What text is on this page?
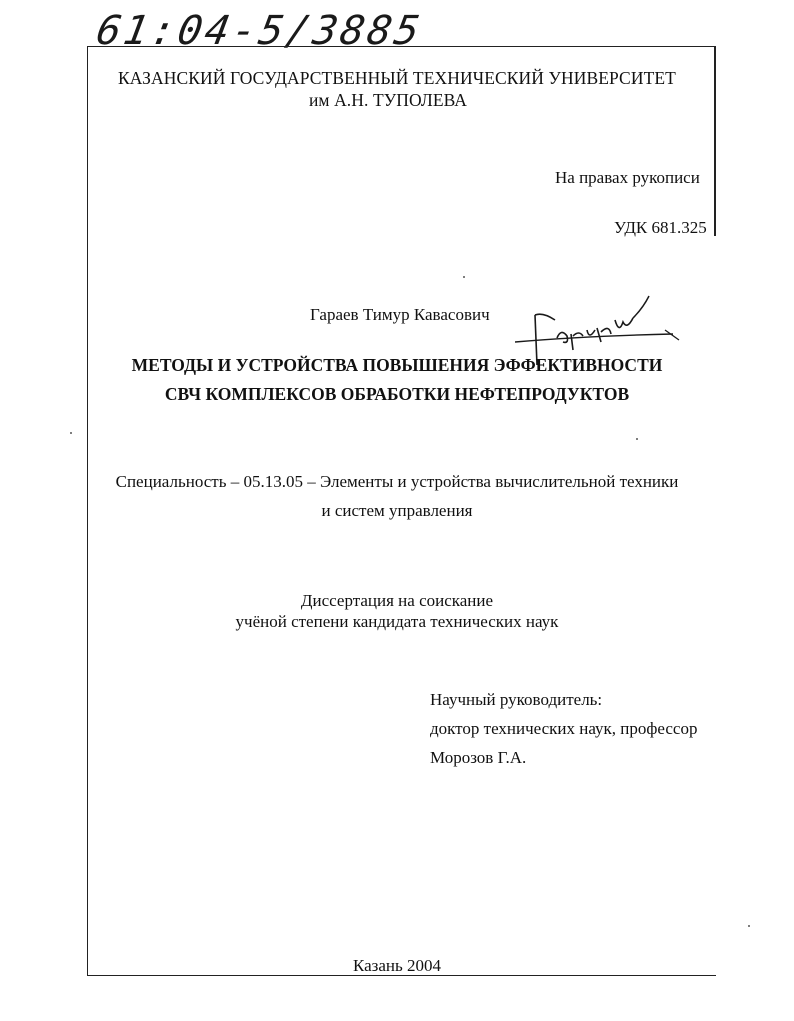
61:04-5/3885
КАЗАНСКИЙ ГОСУДАРСТВЕННЫЙ ТЕХНИЧЕСКИЙ УНИВЕРСИТЕТ
им А.Н. ТУПОЛЕВА
На правах рукописи
УДК 681.325
Гараев Тимур Кавасович
МЕТОДЫ И УСТРОЙСТВА ПОВЫШЕНИЯ ЭФФЕКТИВНОСТИ
СВЧ КОМПЛЕКСОВ ОБРАБОТКИ НЕФТЕПРОДУКТОВ
Специальность – 05.13.05 – Элементы и устройства вычислительной техники
и систем управления
Диссертация на соискание
учёной степени кандидата технических наук
Научный руководитель:
доктор технических наук, профессор
Морозов Г.А.
Казань 2004
